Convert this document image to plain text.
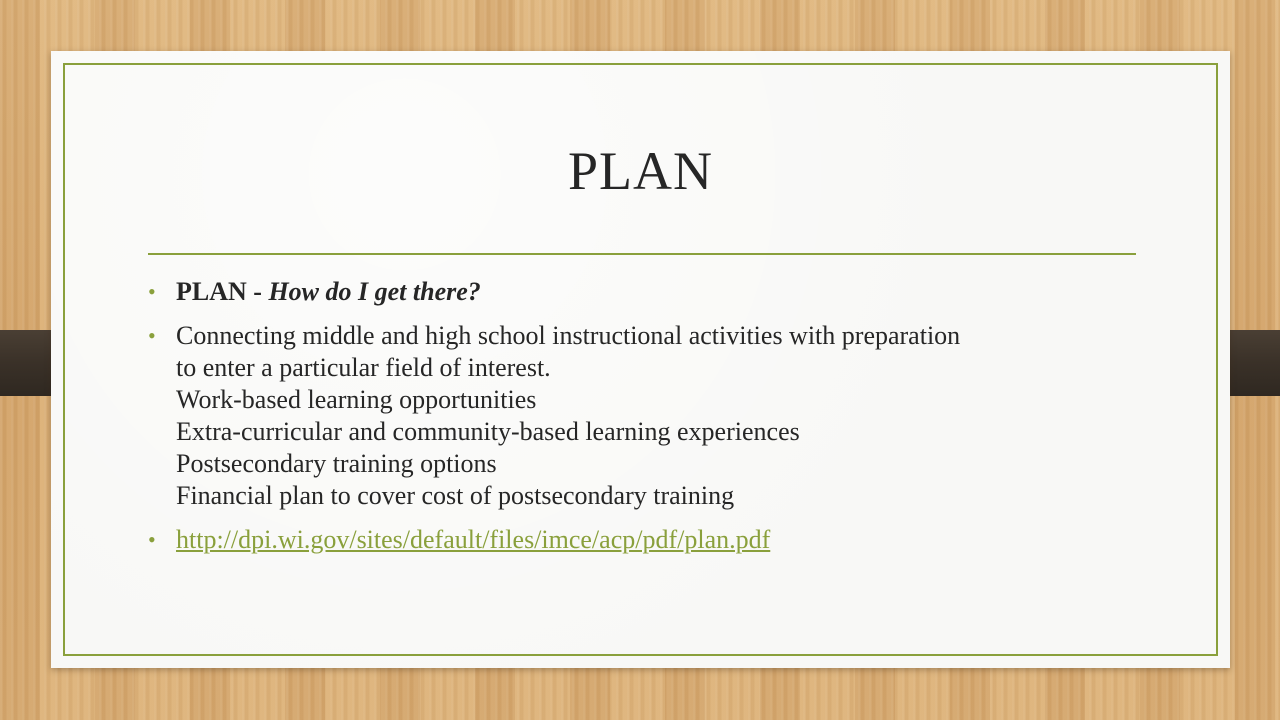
PLAN
• PLAN - How do I get there?
• Connecting middle and high school instructional activities with preparation
to enter a particular field of interest.
Work-based learning opportunities
Extra-curricular and community-based learning experiences
Postsecondary training options
Financial plan to cover cost of postsecondary training
• http://dpi.wi.gov/sites/default/files/imce/acp/pdf/plan.pdf
